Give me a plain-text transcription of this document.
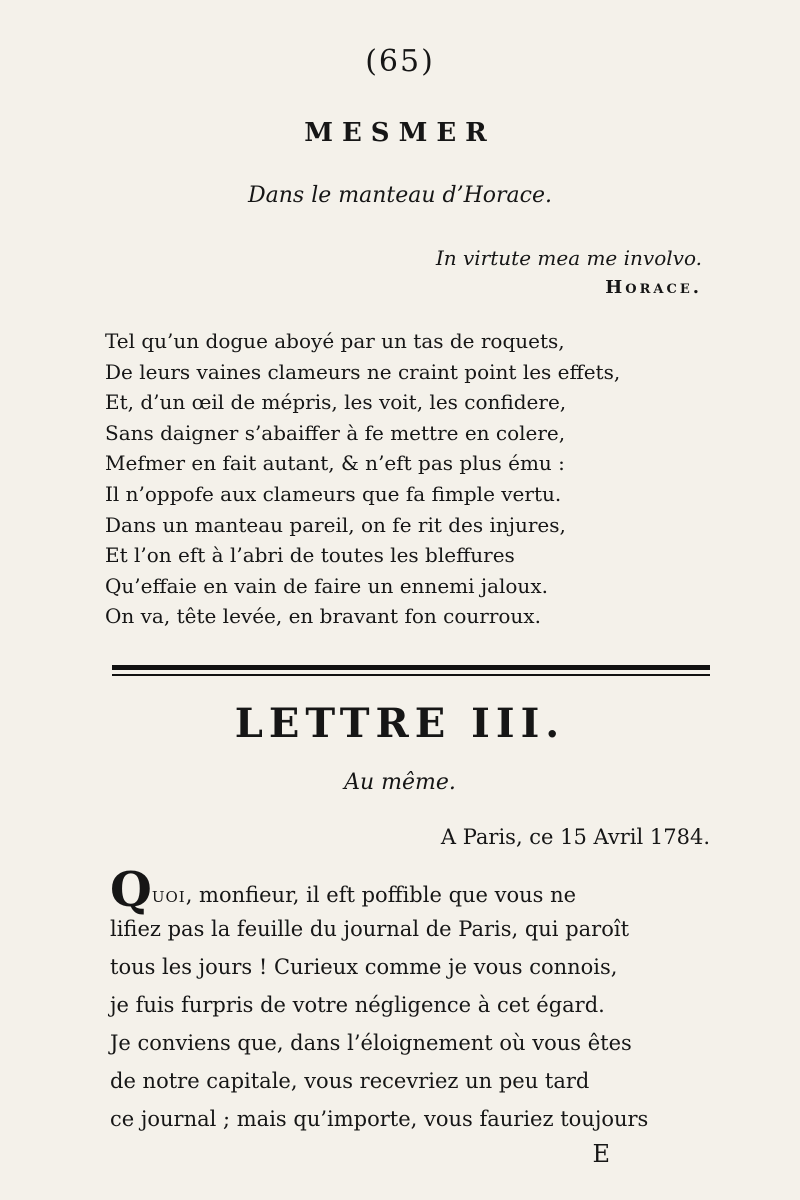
(65)
MESMER
Dans le manteau d’Horace.
In virtute mea me involvo.
Horace.
Tel qu’un dogue aboyé par un tas de roquets,
De leurs vaines clameurs ne craint point les effets,
Et, d’un œil de mépris, les voit, les confidere,
Sans daigner s’abaiffer à fe mettre en colere,
Mefmer en fait autant, & n’eft pas plus ému :
Il n’oppofe aux clameurs que fa fimple vertu.
Dans un manteau pareil, on fe rit des injures,
Et l’on eft à l’abri de toutes les bleffures
Qu’effaie en vain de faire un ennemi jaloux.
On va, tête levée, en bravant fon courroux.
LETTRE III.
Au même.
A Paris, ce 15 Avril 1784.
Quoi, monfieur, il eft poffible que vous ne
lifiez pas la feuille du journal de Paris, qui paroît
tous les jours ! Curieux comme je vous connois,
je fuis furpris de votre négligence à cet égard.
Je conviens que, dans l’éloignement où vous êtes
de notre capitale, vous recevriez un peu tard
ce journal ; mais qu’importe, vous fauriez toujours
E
